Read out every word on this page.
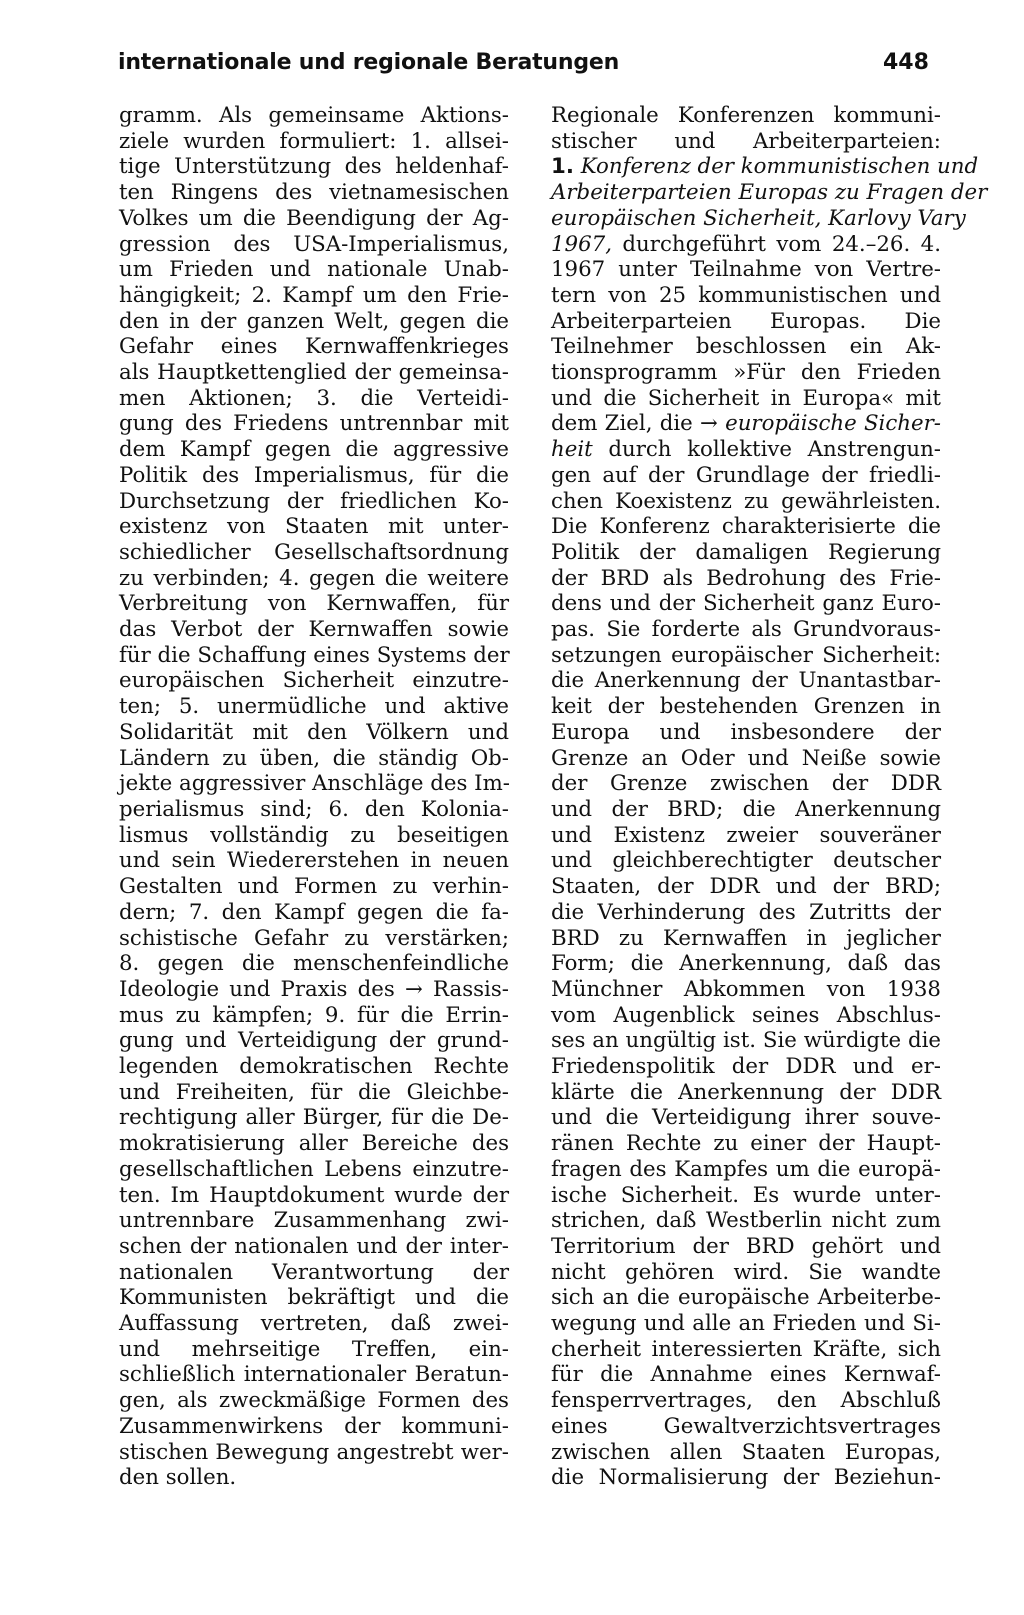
internationale und regionale Beratungen	448

gramm. Als gemeinsame Aktions-
ziele wurden formuliert: 1. allsei-
tige Unterstützung des heldenhaf-
ten Ringens des vietnamesischen
Volkes um die Beendigung der Ag-
gression des USA-Imperialismus,
um Frieden und nationale Unab-
hängigkeit; 2. Kampf um den Frie-
den in der ganzen Welt, gegen die
Gefahr eines Kernwaffenkrieges
als Hauptkettenglied der gemeinsa-
men Aktionen; 3. die Verteidi-
gung des Friedens untrennbar mit
dem Kampf gegen die aggressive
Politik des Imperialismus, für die
Durchsetzung der friedlichen Ko-
existenz von Staaten mit unter-
schiedlicher Gesellschaftsordnung
zu verbinden; 4. gegen die weitere
Verbreitung von Kernwaffen, für
das Verbot der Kernwaffen sowie
für die Schaffung eines Systems der
europäischen Sicherheit einzutre-
ten; 5. unermüdliche und aktive
Solidarität mit den Völkern und
Ländern zu üben, die ständig Ob-
jekte aggressiver Anschläge des Im-
perialismus sind; 6. den Kolonia-
lismus vollständig zu beseitigen
und sein Wiedererstehen in neuen
Gestalten und Formen zu verhin-
dern; 7. den Kampf gegen die fa-
schistische Gefahr zu verstärken;
8. gegen die menschenfeindliche
Ideologie und Praxis des → Rassis-
mus zu kämpfen; 9. für die Errin-
gung und Verteidigung der grund-
legenden demokratischen Rechte
und Freiheiten, für die Gleichbe-
rechtigung aller Bürger, für die De-
mokratisierung aller Bereiche des
gesellschaftlichen Lebens einzutre-
ten. Im Hauptdokument wurde der
untrennbare Zusammenhang zwi-
schen der nationalen und der inter-
nationalen Verantwortung der
Kommunisten bekräftigt und die
Auffassung vertreten, daß zwei-
und mehrseitige Treffen, ein-
schließlich internationaler Beratun-
gen, als zweckmäßige Formen des
Zusammenwirkens der kommuni-
stischen Bewegung angestrebt wer-
den sollen.

Regionale Konferenzen kommuni-
stischer und Arbeiterparteien:
1. Konferenz der kommunistischen und
Arbeiterparteien Europas zu Fragen der
europäischen Sicherheit, Karlovy Vary
1967, durchgeführt vom 24.–26. 4.
1967 unter Teilnahme von Vertre-
tern von 25 kommunistischen und
Arbeiterparteien Europas. Die
Teilnehmer beschlossen ein Ak-
tionsprogramm »Für den Frieden
und die Sicherheit in Europa« mit
dem Ziel, die → europäische Sicher-
heit durch kollektive Anstrengun-
gen auf der Grundlage der friedli-
chen Koexistenz zu gewährleisten.
Die Konferenz charakterisierte die
Politik der damaligen Regierung
der BRD als Bedrohung des Frie-
dens und der Sicherheit ganz Euro-
pas. Sie forderte als Grundvoraus-
setzungen europäischer Sicherheit:
die Anerkennung der Unantastbar-
keit der bestehenden Grenzen in
Europa und insbesondere der
Grenze an Oder und Neiße sowie
der Grenze zwischen der DDR
und der BRD; die Anerkennung
und Existenz zweier souveräner
und gleichberechtigter deutscher
Staaten, der DDR und der BRD;
die Verhinderung des Zutritts der
BRD zu Kernwaffen in jeglicher
Form; die Anerkennung, daß das
Münchner Abkommen von 1938
vom Augenblick seines Abschlus-
ses an ungültig ist. Sie würdigte die
Friedenspolitik der DDR und er-
klärte die Anerkennung der DDR
und die Verteidigung ihrer souve-
ränen Rechte zu einer der Haupt-
fragen des Kampfes um die europä-
ische Sicherheit. Es wurde unter-
strichen, daß Westberlin nicht zum
Territorium der BRD gehört und
nicht gehören wird. Sie wandte
sich an die europäische Arbeiterbe-
wegung und alle an Frieden und Si-
cherheit interessierten Kräfte, sich
für die Annahme eines Kernwaf-
fensperrvertrages, den Abschluß
eines Gewaltverzichtsvertrages
zwischen allen Staaten Europas,
die Normalisierung der Beziehun-
